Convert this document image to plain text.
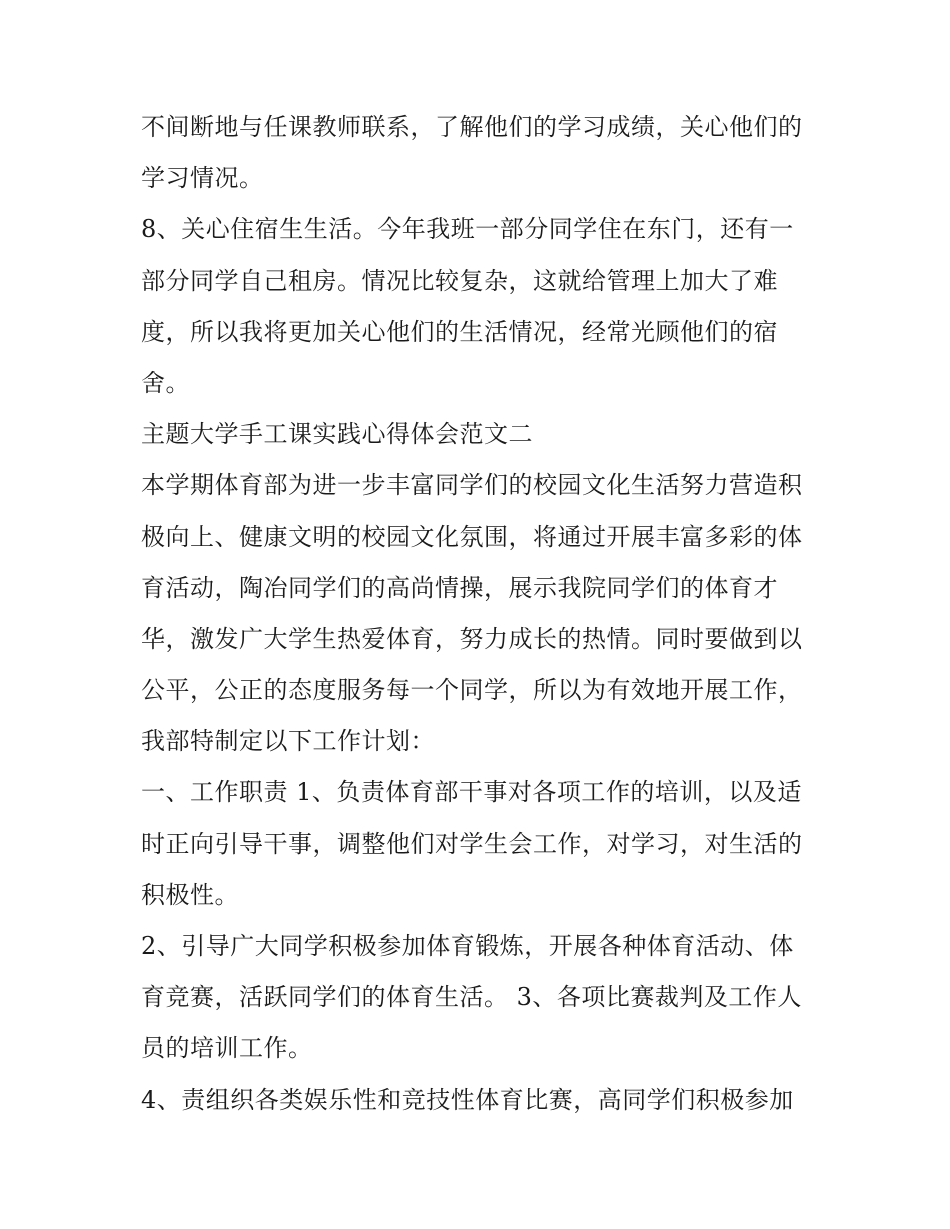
不间断地与任课教师联系，了解他们的学习成绩，关心他们的
学习情况。
8、关心住宿生生活。今年我班一部分同学住在东门，还有一
部分同学自己租房。情况比较复杂，这就给管理上加大了难
度，所以我将更加关心他们的生活情况，经常光顾他们的宿
舍。
主题大学手工课实践心得体会范文二
本学期体育部为进一步丰富同学们的校园文化生活努力营造积
极向上、健康文明的校园文化氛围，将通过开展丰富多彩的体
育活动，陶冶同学们的高尚情操，展示我院同学们的体育才
华，激发广大学生热爱体育，努力成长的热情。同时要做到以
公平，公正的态度服务每一个同学，所以为有效地开展工作，
我部特制定以下工作计划：
一、工作职责 1、负责体育部干事对各项工作的培训，以及适
时正向引导干事，调整他们对学生会工作，对学习，对生活的
积极性。
2、引导广大同学积极参加体育锻炼，开展各种体育活动、体
育竞赛，活跃同学们的体育生活。 3、各项比赛裁判及工作人
员的培训工作。
4、责组织各类娱乐性和竞技性体育比赛，高同学们积极参加
